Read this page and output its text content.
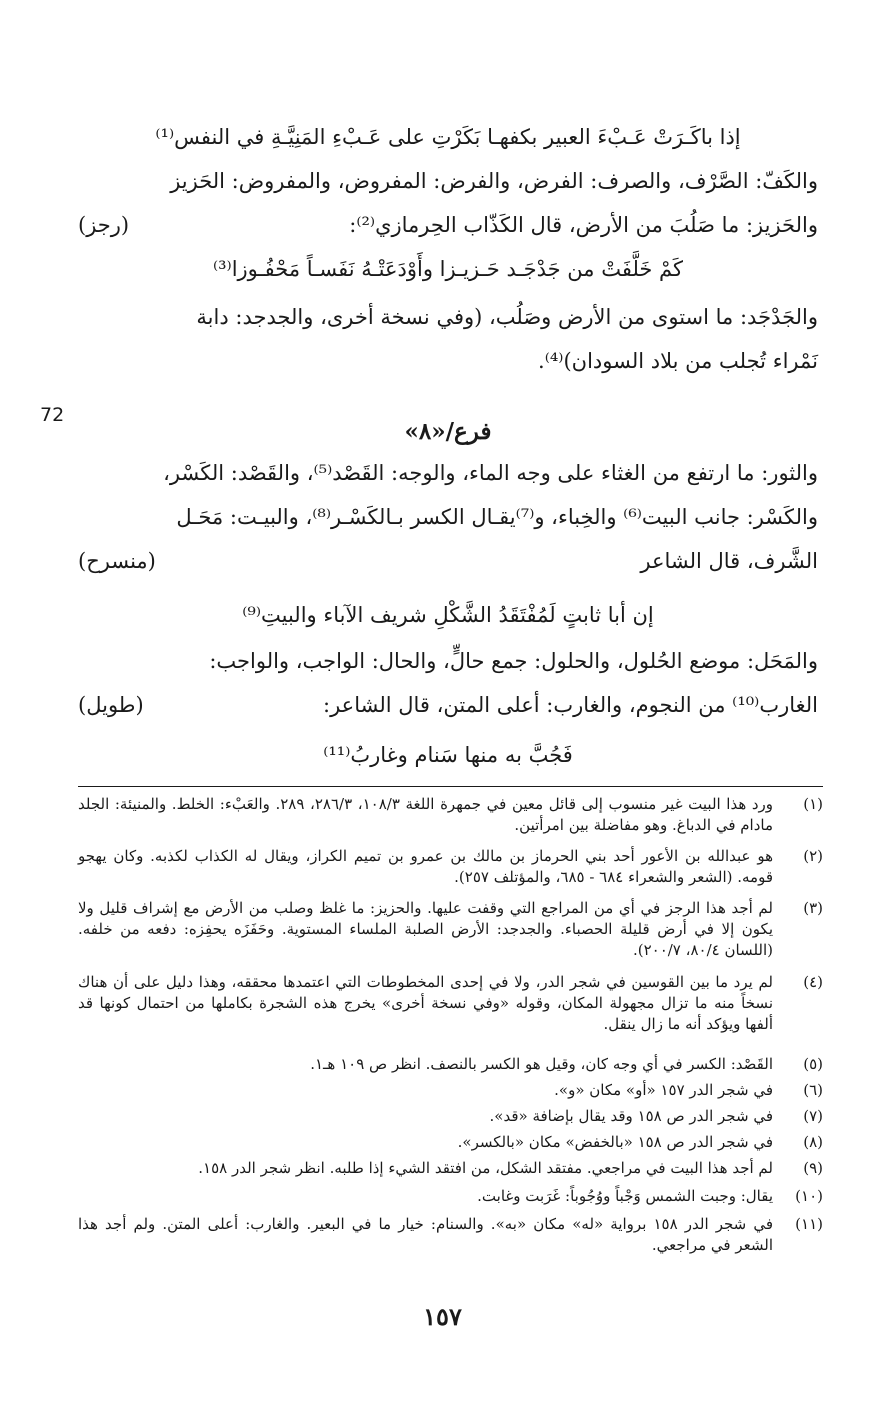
إذا باكَـرَتْ عَـبْءَ العبير بكفهـا بَكَرْتِ على عَـبْءِ المَنِيَّـةِ في النفس⁽¹⁾
والكَفّ: الصَّرْف، والصرف: الفرض، والفرض: المفروض، والمفروض: الحَزيز
والحَزيز: ما صَلُبَ من الأرض، قال الكَذّاب الحِرمازي⁽²⁾:
(رجز)
كَمْ خَلَّفَتْ من جَدْجَـد حَـزيـزا وأَوْدَعَتْـهُ نَفَسـاً مَحْفُـوزا⁽³⁾
والجَدْجَد: ما استوى من الأرض وصَلُب، (وفي نسخة أخرى، والجدجد: دابة
نَمْراء تُجلب من بلاد السودان)⁽⁴⁾.
72
فرع/«٨»
والثور: ما ارتفع من الغثاء على وجه الماء، والوجه: القَصْد⁽⁵⁾، والقَصْد: الكَسْر،
والكَسْر: جانب البيت⁽⁶⁾ والخِباء، و⁽⁷⁾يقـال الكسر بـالكَسْـر⁽⁸⁾، والبيـت: مَحَـل
الشَّرف، قال الشاعر
(منسرح)
إن أبا ثابتٍ لَمُفْتَقَدُ الشَّكْلِ شريف الآباء والبيتِ⁽⁹⁾
والمَحَل: موضع الحُلول، والحلول: جمع حالٍّ، والحال: الواجب، والواجب:
الغارب⁽¹⁰⁾ من النجوم، والغارب: أعلى المتن، قال الشاعر:
(طويل)
فَجُبَّ به منها سَنام وغاربُ⁽¹¹⁾
(١)
ورد هذا البيت غير منسوب إلى قائل معين في جمهرة اللغة ١٠٨/٣، ٢٨٦/٣، ٢٨٩. والعَبْء: الخلط. والمنيئة: الجلد مادام في الدباغ. وهو مفاضلة بين امرأتين.
(٢)
هو عبدالله بن الأعور أحد بني الحرماز بن مالك بن عمرو بن تميم الكراز، ويقال له الكذاب لكذبه. وكان يهجو قومه. (الشعر والشعراء ٦٨٤ - ٦٨٥، والمؤتلف ٢٥٧).
(٣)
لم أجد هذا الرجز في أي من المراجع التي وقفت عليها. والحزيز: ما غلظ وصلب من الأرض مع إشراف قليل ولا يكون إلا في أرض قليلة الحصباء. والجدجد: الأرض الصلبة الملساء المستوية. وحَفَزَه يحفِزه: دفعه من خلفه. (اللسان ٨٠/٤، ٢٠٠/٧).
(٤)
لم يرد ما بين القوسين في شجر الدر، ولا في إحدى المخطوطات التي اعتمدها محققه، وهذا دليل على أن هناك نسخاً منه ما تزال مجهولة المكان، وقوله «وفي نسخة أخرى» يخرج هذه الشجرة بكاملها من احتمال كونها قد ألفها ويؤكد أنه ما زال ينقل.
(٥)
القَصْد: الكسر في أي وجه كان، وقيل هو الكسر بالنصف. انظر ص ١٠٩ هـ١.
(٦)
في شجر الدر ١٥٧ «أو» مكان «و».
(٧)
في شجر الدر ص ١٥٨ وقد يقال بإضافة «قد».
(٨)
في شجر الدر ص ١٥٨ «بالخفض» مكان «بالكسر».
(٩)
لم أجد هذا البيت في مراجعي. مفتقد الشكل، من افتقد الشيء إذا طلبه. انظر شجر الدر ١٥٨.
(١٠)
يقال: وجبت الشمس وَجْباً ووُجُوباً: غَرَبت وغابت.
(١١)
في شجر الدر ١٥٨ برواية «له» مكان «به». والسنام: خيار ما في البعير. والغارب: أعلى المتن. ولم أجد هذا الشعر في مراجعي.
١٥٧
